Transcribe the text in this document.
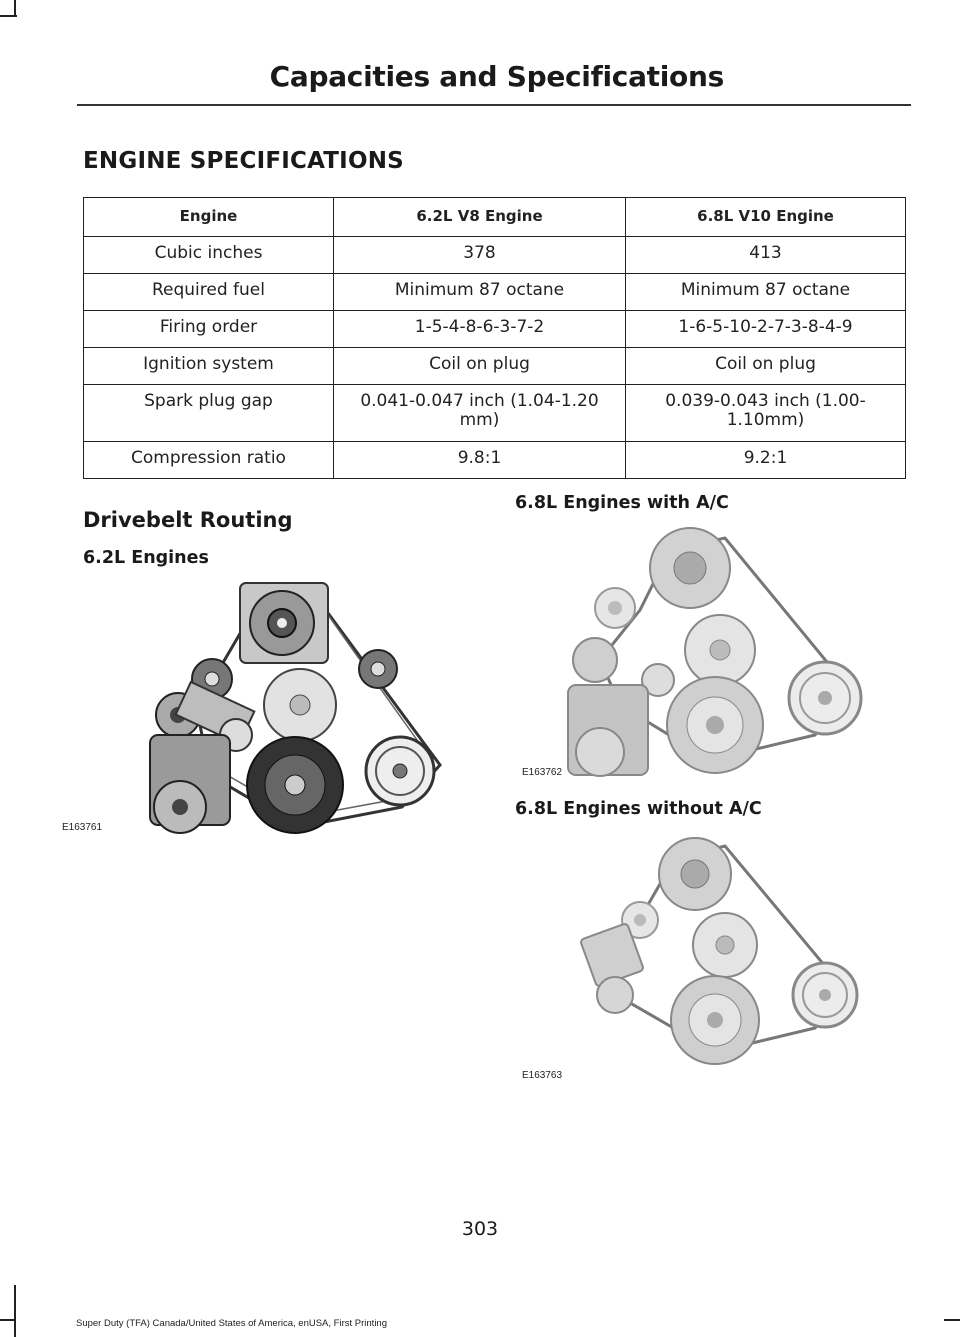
Capacities and Specifications
ENGINE SPECIFICATIONS
Engine	6.2L V8 Engine	6.8L V10 Engine
Cubic inches	378	413
Required fuel	Minimum 87 octane	Minimum 87 octane
Firing order	1-5-4-8-6-3-7-2	1-6-5-10-2-7-3-8-4-9
Ignition system	Coil on plug	Coil on plug
Spark plug gap	0.041-0.047 inch (1.04-1.20 mm)	0.039-0.043 inch (1.00-1.10mm)
Compression ratio	9.8:1	9.2:1
Drivebelt Routing
6.2L Engines
6.8L Engines with A/C
6.8L Engines without A/C
E163761
E163762
E163763
303
Super Duty (TFA) Canada/United States of America, enUSA, First Printing
